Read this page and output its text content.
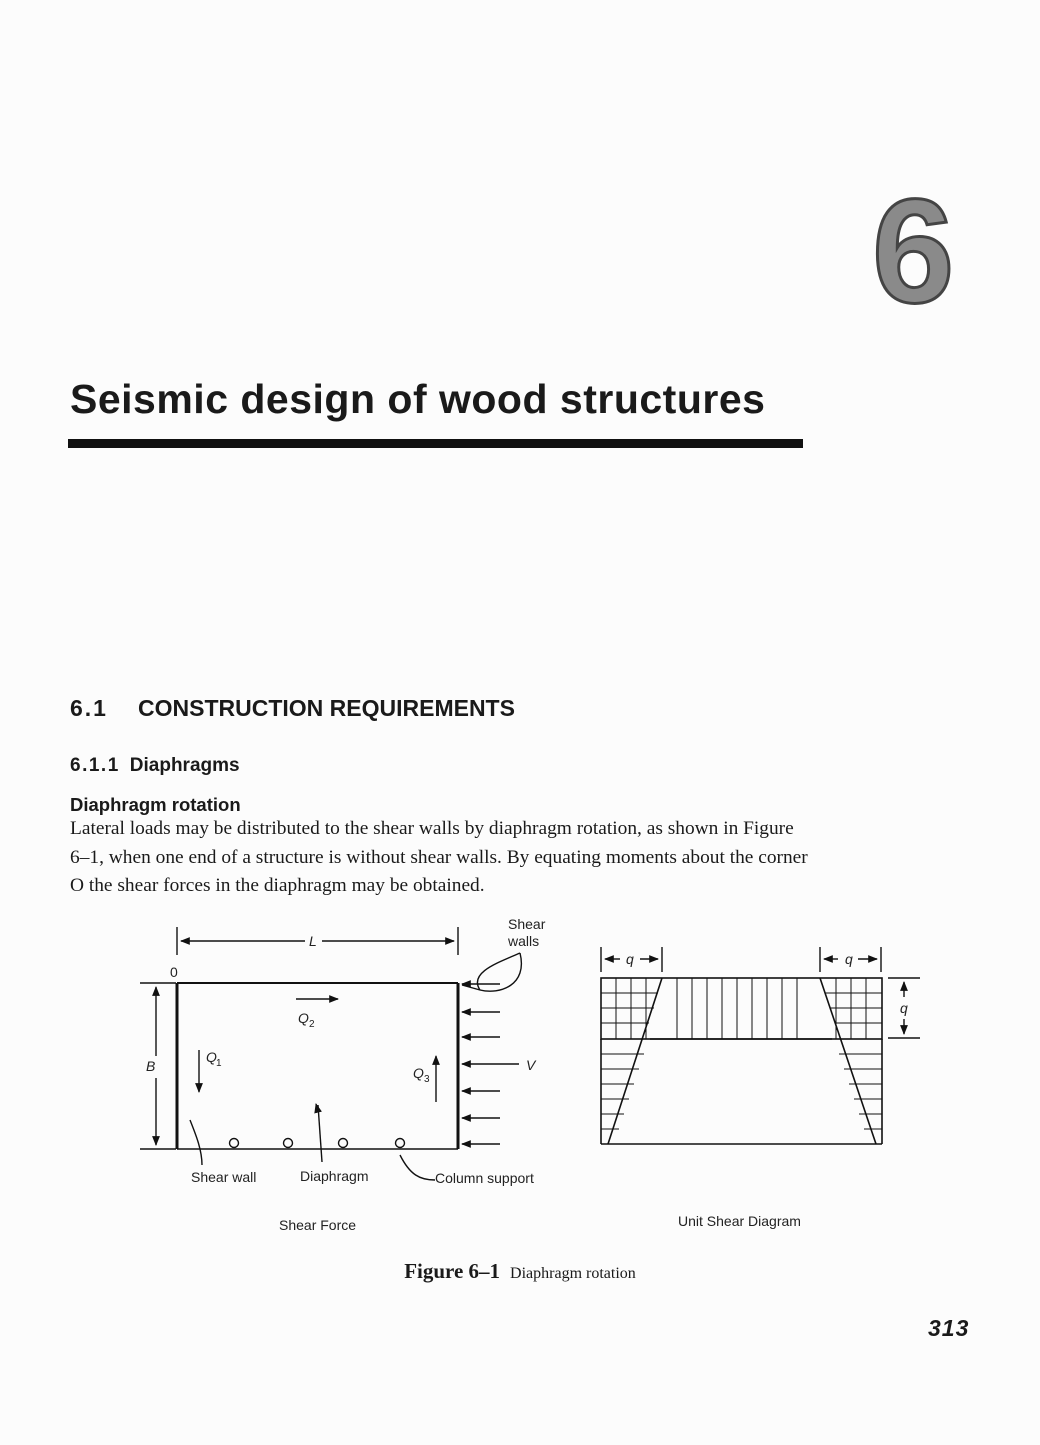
6
Seismic design of wood structures
6.1 CONSTRUCTION REQUIREMENTS
6.1.1 Diaphragms
Diaphragm rotation
Lateral loads may be distributed to the shear walls by diaphragm rotation, as shown in Figure
6–1, when one end of a structure is without shear walls. By equating moments about the corner
O the shear forces in the diaphragm may be obtained.
L
0
B
Q 2
Q 1
Q 3
V
Shear
walls
Shear wall	Diaphragm	Column support
Shear Force
q	q
q
Unit Shear Diagram
Figure 6–1 Diaphragm rotation
313
